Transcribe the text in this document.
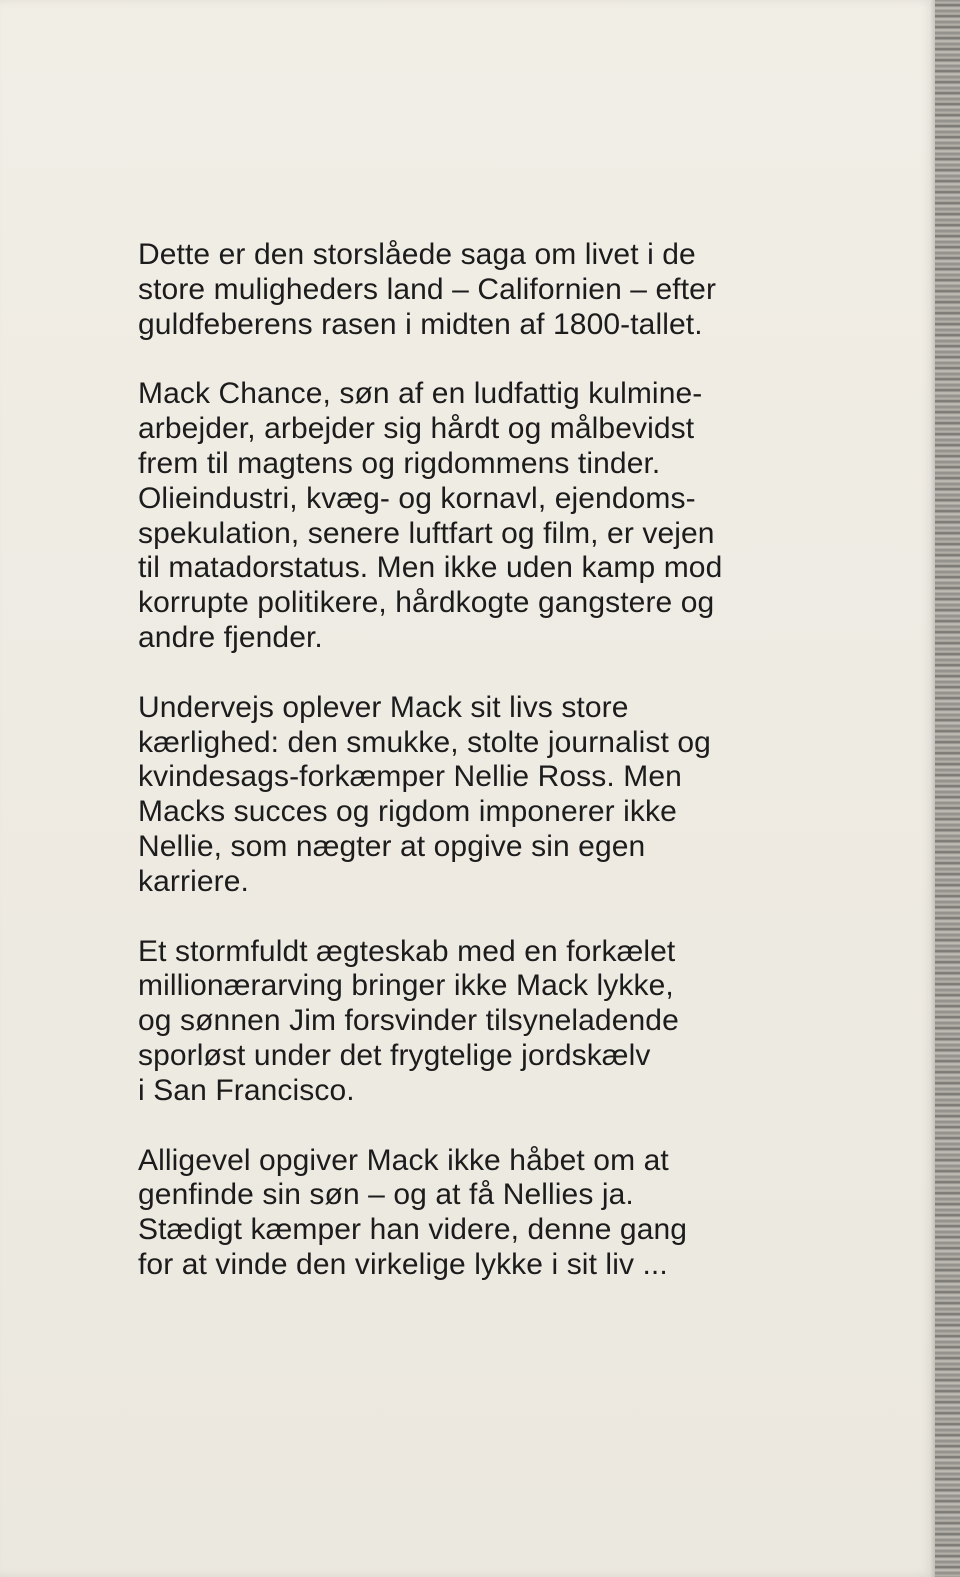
Dette er den storslåede saga om livet i de
store muligheders land – Californien – efter
guldfeberens rasen i midten af 1800-tallet.

Mack Chance, søn af en ludfattig kulmine-
arbejder, arbejder sig hårdt og målbevidst
frem til magtens og rigdommens tinder.
Olieindustri, kvæg- og kornavl, ejendoms-
spekulation, senere luftfart og film, er vejen
til matadorstatus. Men ikke uden kamp mod
korrupte politikere, hårdkogte gangstere og
andre fjender.

Undervejs oplever Mack sit livs store
kærlighed: den smukke, stolte journalist og
kvindesags-forkæmper Nellie Ross. Men
Macks succes og rigdom imponerer ikke
Nellie, som nægter at opgive sin egen
karriere.

Et stormfuldt ægteskab med en forkælet
millionærarving bringer ikke Mack lykke,
og sønnen Jim forsvinder tilsyneladende
sporløst under det frygtelige jordskælv
i San Francisco.

Alligevel opgiver Mack ikke håbet om at
genfinde sin søn – og at få Nellies ja.
Stædigt kæmper han videre, denne gang
for at vinde den virkelige lykke i sit liv ...
